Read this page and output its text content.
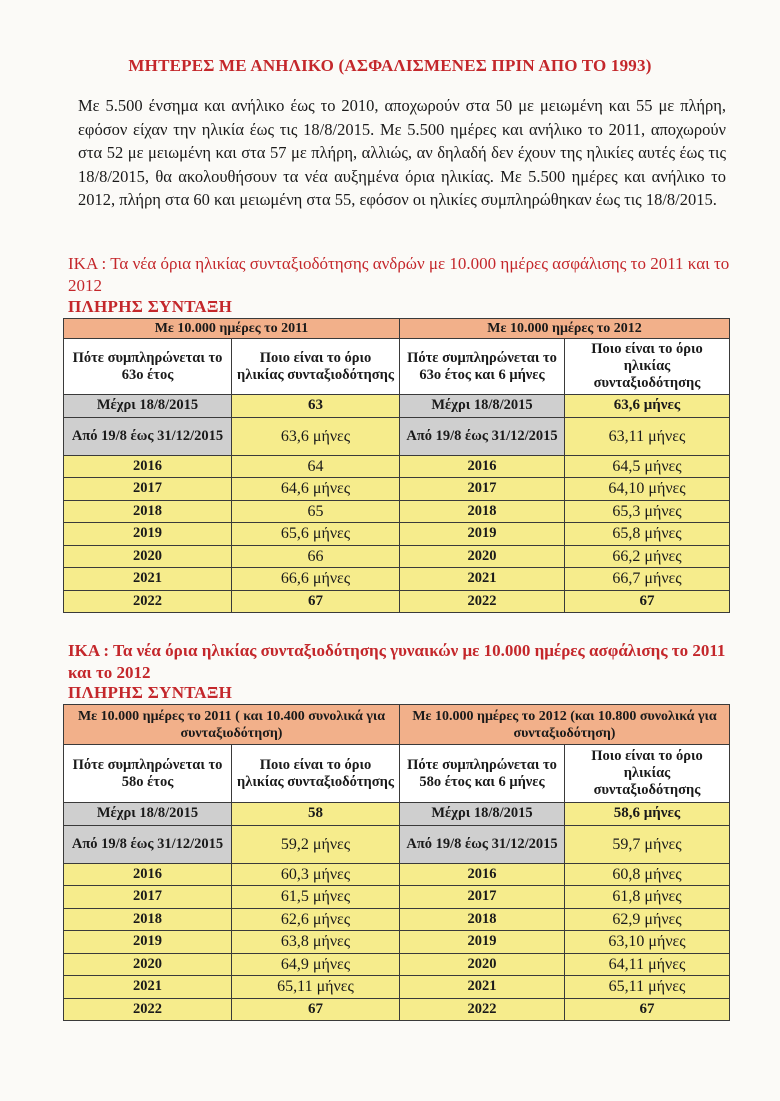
ΜΗΤΕΡΕΣ ΜΕ ΑΝΗΛΙΚΟ (ΑΣΦΑΛΙΣΜΕΝΕΣ ΠΡΙΝ ΑΠΟ ΤΟ 1993)

Με 5.500 ένσημα και ανήλικο έως το 2010, αποχωρούν στα 50 με μειωμένη και 55 με πλήρη, εφόσον είχαν την ηλικία έως τις 18/8/2015. Με 5.500 ημέρες και ανήλικο το 2011, αποχωρούν στα 52 με μειωμένη και στα 57 με πλήρη, αλλιώς, αν δηλαδή δεν έχουν της ηλικίες αυτές έως τις 18/8/2015, θα ακολουθήσουν τα νέα αυξημένα όρια ηλικίας. Με 5.500 ημέρες και ανήλικο το 2012, πλήρη στα 60 και μειωμένη στα 55, εφόσον οι ηλικίες συμπληρώθηκαν έως τις 18/8/2015.

ΙΚΑ : Τα νέα όρια ηλικίας συνταξιοδότησης ανδρών με 10.000 ημέρες ασφάλισης το 2011 και το 2012
ΠΛΗΡΗΣ ΣΥΝΤΑΞΗ
Με 10.000 ημέρες το 2011		Με 10.000 ημέρες το 2012	
Πότε συμπληρώνεται το 63ο έτος	Ποιο είναι το όριο ηλικίας συνταξιοδότησης	Πότε συμπληρώνεται το 63ο έτος και 6 μήνες	Ποιο είναι το όριο ηλικίας συνταξιοδότησης
Μέχρι 18/8/2015	63	Μέχρι 18/8/2015	63,6 μήνες
Από 19/8 έως 31/12/2015	63,6 μήνες	Από 19/8 έως 31/12/2015	63,11 μήνες
2016	64	2016	64,5 μήνες
2017	64,6 μήνες	2017	64,10 μήνες
2018	65	2018	65,3 μήνες
2019	65,6 μήνες	2019	65,8 μήνες
2020	66	2020	66,2 μήνες
2021	66,6 μήνες	2021	66,7 μήνες
2022	67	2022	67
ΙΚΑ : Τα νέα όρια ηλικίας συνταξιοδότησης γυναικών με 10.000 ημέρες ασφάλισης το 2011 και το 2012
ΠΛΗΡΗΣ ΣΥΝΤΑΞΗ
Με 10.000 ημέρες το 2011 ( και 10.400 συνολικά για συνταξιοδότηση)		Με 10.000 ημέρες το 2012 (και 10.800 συνολικά για συνταξιοδότηση)	
Πότε συμπληρώνεται το 58ο έτος	Ποιο είναι το όριο ηλικίας συνταξιοδότησης	Πότε συμπληρώνεται το 58ο έτος και 6 μήνες	Ποιο είναι το όριο ηλικίας συνταξιοδότησης
Μέχρι 18/8/2015	58	Μέχρι 18/8/2015	58,6 μήνες
Από 19/8 έως 31/12/2015	59,2 μήνες	Από 19/8 έως 31/12/2015	59,7 μήνες
2016	60,3 μήνες	2016	60,8 μήνες
2017	61,5 μήνες	2017	61,8 μήνες
2018	62,6 μήνες	2018	62,9 μήνες
2019	63,8 μήνες	2019	63,10 μήνες
2020	64,9 μήνες	2020	64,11 μήνες
2021	65,11 μήνες	2021	65,11 μήνες
2022	67	2022	67
